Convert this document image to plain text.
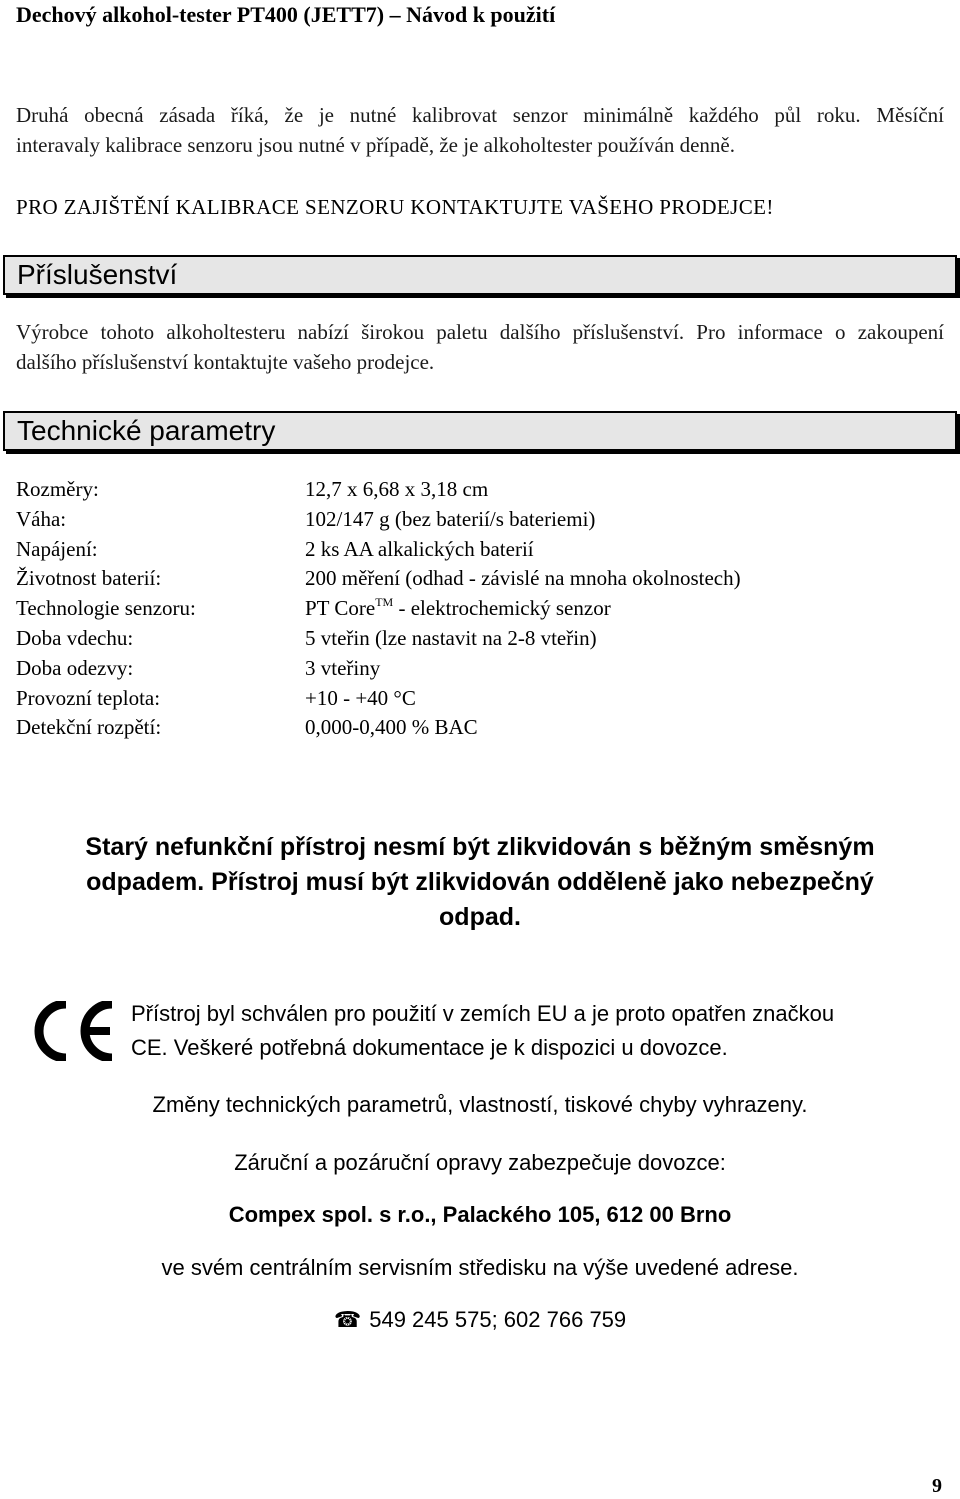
Dechový alkohol-tester PT400 (JETT7) – Návod k použití
Druhá obecná zásada říká, že je nutné kalibrovat senzor minimálně každého půl roku. Měsíční
interavaly kalibrace senzoru jsou nutné v případě, že je alkoholtester používán denně.
PRO ZAJIŠTĚNÍ KALIBRACE SENZORU KONTAKTUJTE VAŠEHO PRODEJCE!
Příslušenství
Výrobce tohoto alkoholtesteru nabízí širokou paletu dalšího příslušenství. Pro informace o zakoupení
dalšího příslušenství kontaktujte vašeho prodejce.
Technické parametry
Rozměry:	12,7 x 6,68 x 3,18 cm
Váha:	102/147 g (bez baterií/s bateriemi)
Napájení:	2 ks AA alkalických baterií
Životnost baterií:	200 měření (odhad - závislé na mnoha okolnostech)
Technologie senzoru:	PT Core™ - elektrochemický senzor
Doba vdechu:	5 vteřin (lze nastavit na 2-8 vteřin)
Doba odezvy:	3 vteřiny
Provozní teplota:	+10 - +40 °C
Detekční rozpětí:	0,000-0,400 % BAC
Starý nefunkční přístroj nesmí být zlikvidován s běžným směsným
odpadem. Přístroj musí být zlikvidován odděleně jako nebezpečný
odpad.
Přístroj byl schválen pro použití v zemích EU a je proto opatřen značkou
CE. Veškeré potřebná dokumentace je k dispozici u dovozce.
Změny technických parametrů, vlastností, tiskové chyby vyhrazeny.
Záruční a pozáruční opravy zabezpečuje dovozce:
Compex spol. s r.o., Palackého 105, 612 00 Brno
ve svém centrálním servisním středisku na výše uvedené adrese.
☎ 549 245 575; 602 766 759
9
